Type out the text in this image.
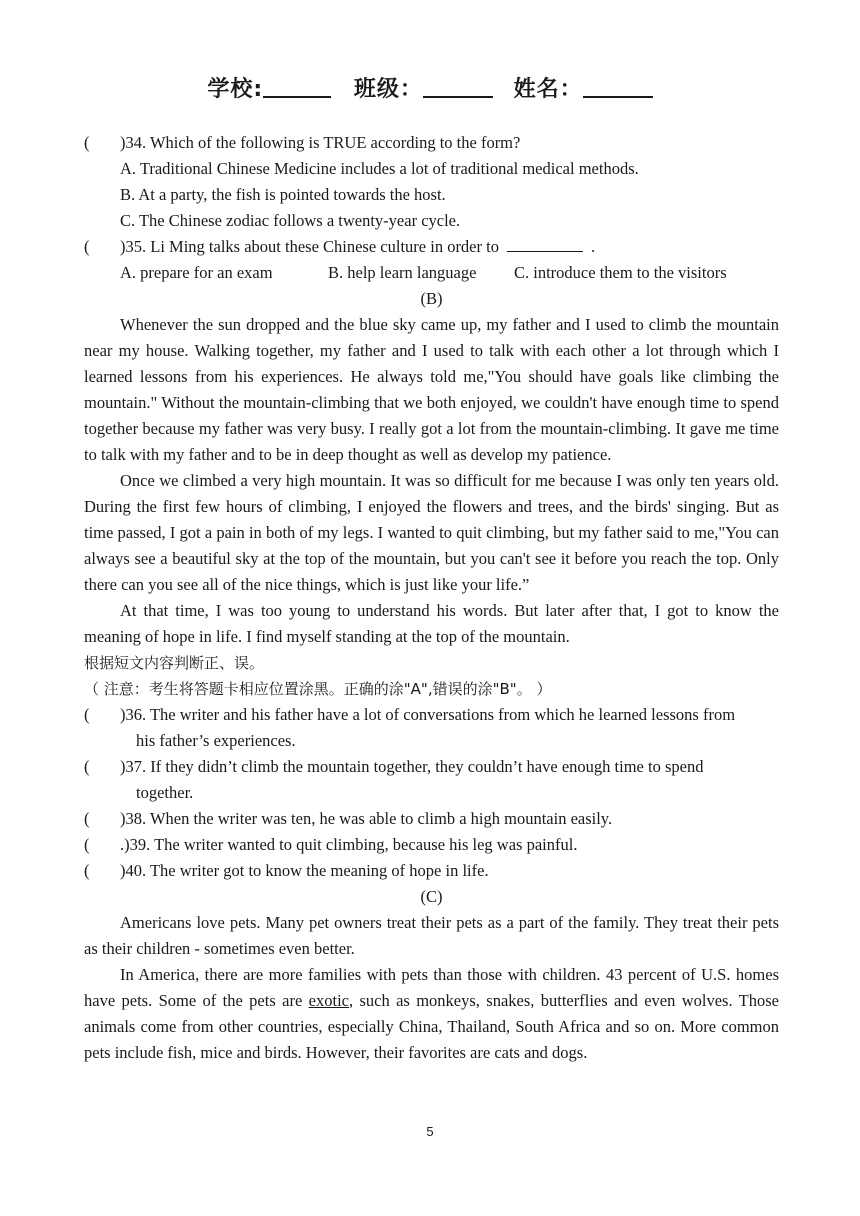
学校:	班级：	姓名：
( )34. Which of the following is TRUE according to the form?
A. Traditional Chinese Medicine includes a lot of traditional medical methods.
B. At a party, the fish is pointed towards the host.
C. The Chinese zodiac follows a twenty-year cycle.
( )35. Li Ming talks about these Chinese culture in order to	.
A. prepare for an exam	B. help learn language C. introduce them to the visitors
(B)
Whenever the sun dropped and the blue sky came up, my father and I used to climb the mountain near my house. Walking together, my father and I used to talk with each other a lot through which I learned lessons from his experiences. He always told me,"You should have goals like climbing the mountain." Without the mountain-climbing that we both enjoyed, we couldn't have enough time to spend together because my father was very busy. I really got a lot from the mountain-climbing. It gave me time to talk with my father and to be in deep thought as well as develop my patience.
Once we climbed a very high mountain. It was so difficult for me because I was only ten years old. During the first few hours of climbing, I enjoyed the flowers and trees, and the birds' singing. But as time passed, I got a pain in both of my legs. I wanted to quit climbing, but my father said to me,"You can always see a beautiful sky at the top of the mountain, but you can't see it before you reach the top. Only there can you see all of the nice things, which is just like your life.”
At that time, I was too young to understand his words. But later after that, I got to know the meaning of hope in life. I find myself standing at the top of the mountain.
根据短文内容判断正、误。
（ 注意：考生将答题卡相应位置涂黑。正确的涂"A",错误的涂"B"。 ）
( )36. The writer and his father have a lot of conversations from which he learned lessons from
his father’s experiences.
( )37. If they didn’t climb the mountain together, they couldn’t have enough time to spend
together.
( )38. When the writer was ten, he was able to climb a high mountain easily.
( .)39. The writer wanted to quit climbing, because his leg was painful.
( )40. The writer got to know the meaning of hope in life.
(C)
Americans love pets. Many pet owners treat their pets as a part of the family. They treat their pets as their children - sometimes even better.
In America, there are more families with pets than those with children. 43 percent of U.S. homes have pets. Some of the pets are exotic, such as monkeys, snakes, butterflies and even wolves. Those animals come from other countries, especially China, Thailand, South Africa and so on. More common pets include fish, mice and birds. However, their favorites are cats and dogs.
5
